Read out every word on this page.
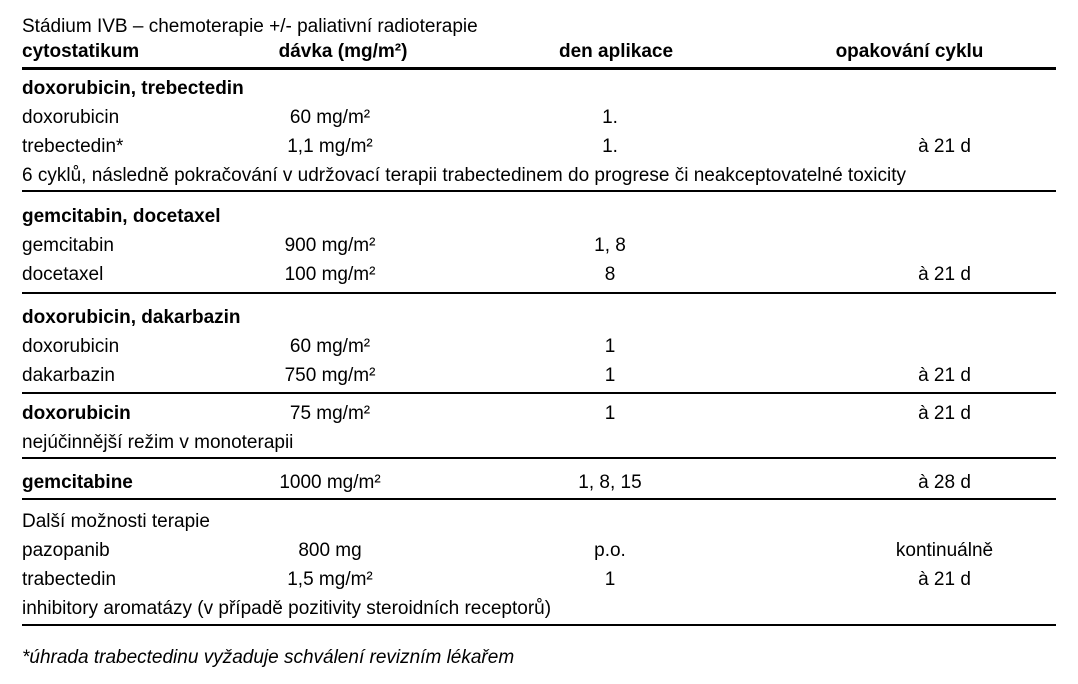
Stádium IVB – chemoterapie +/- paliativní radioterapie
cytostatikum	dávka (mg/m²)	den aplikace	opakování cyklu
doxorubicin, trebectedin
doxorubicin	60 mg/m²	1.
trebectedin*	1,1 mg/m²	1.	à 21 d
6 cyklů, následně pokračování v udržovací terapii trabectedinem do progrese či neakceptovatelné toxicity
gemcitabin, docetaxel
gemcitabin	900 mg/m²	1, 8
docetaxel	100 mg/m²	8	à 21 d
doxorubicin, dakarbazin
doxorubicin	60 mg/m²	1
dakarbazin	750 mg/m²	1	à 21 d
doxorubicin	75 mg/m²	1	à 21 d
nejúčinnější režim v monoterapii
gemcitabine	1000 mg/m²	1, 8, 15	à 28 d
Další možnosti terapie
pazopanib	800 mg	p.o.	kontinuálně
trabectedin	1,5 mg/m²	1	à 21 d
inhibitory aromatázy (v případě pozitivity steroidních receptorů)
*úhrada trabectedinu vyžaduje schválení revizním lékařem
